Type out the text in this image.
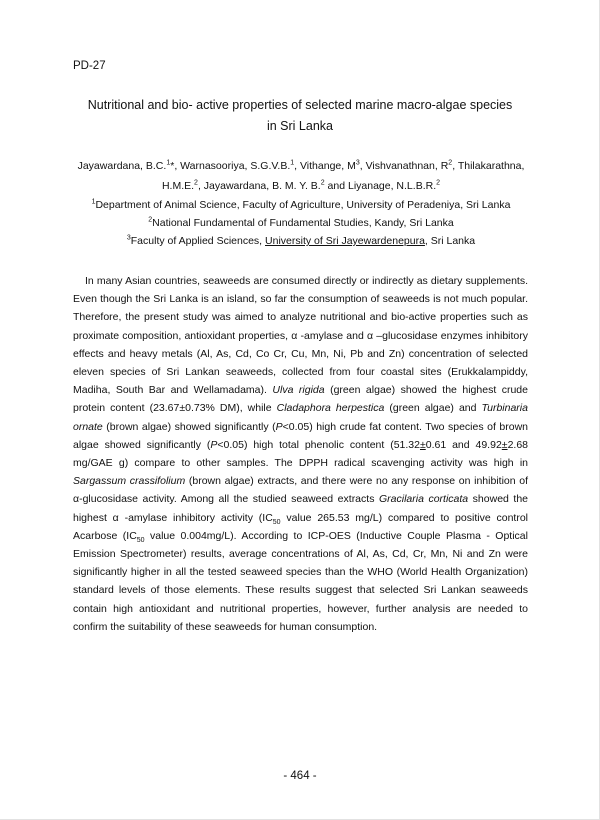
PD-27
Nutritional and bio- active properties of selected marine macro-algae species
in Sri Lanka
Jayawardana, B.C.$^1$*, Warnasooriya, S.G.V.B.$^1$, Vithange, $M^3$, Vishvanathnan, $R^2$, Thilakarathna,
H.M.E.$^2$, Jayawardana, B. M. Y. B.$^2$ and Liyanage, N.L.B.R.$^2$
$^1$Department of Animal Science, Faculty of Agriculture, University of Peradeniya, Sri Lanka
$^2$National Fundamental of Fundamental Studies, Kandy, Sri Lanka
$^3$Faculty of Applied Sciences, University of Sri Jayewardenepura, Sri Lanka

In many Asian countries, seaweeds are consumed directly or indirectly as dietary supplements. Even though the Sri Lanka is an island, so far the consumption of seaweeds is not much popular. Therefore, the present study was aimed to analyze nutritional and bio-active properties such as proximate composition, antioxidant properties, α -amylase and α –glucosidase enzymes inhibitory effects and heavy metals (Al, As, Cd, Co Cr, Cu, Mn, Ni, Pb and Zn) concentration of selected eleven species of Sri Lankan seaweeds, collected from four coastal sites (Erukkalampiddy, Madiha, South Bar and Wellamadama). Ulva rigida (green algae) showed the highest crude protein content (23.67±0.73% DM), while Cladaphora herpestica (green algae) and Turbinaria ornate (brown algae) showed significantly (P<0.05) high crude fat content. Two species of brown algae showed significantly (P<0.05) high total phenolic content (51.32±0.61 and 49.92±2.68 mg/GAE g) compare to other samples. The DPPH radical scavenging activity was high in Sargassum crassifolium (brown algae) extracts, and there were no any response on inhibition of α-glucosidase activity. Among all the studied seaweed extracts Gracilaria corticata showed the highest α -amylase inhibitory activity ($IC_{50}$ value 265.53 mg/L) compared to positive control Acarbose ($IC_{50}$ value 0.004mg/L). According to ICP-OES (Inductive Couple Plasma - Optical Emission Spectrometer) results, average concentrations of Al, As, Cd, Cr, Mn, Ni and Zn were significantly higher in all the tested seaweed species than the WHO (World Health Organization) standard levels of those elements. These results suggest that selected Sri Lankan seaweeds contain high antioxidant and nutritional properties, however, further analysis are needed to confirm the suitability of these seaweeds for human consumption.

- 464 -
